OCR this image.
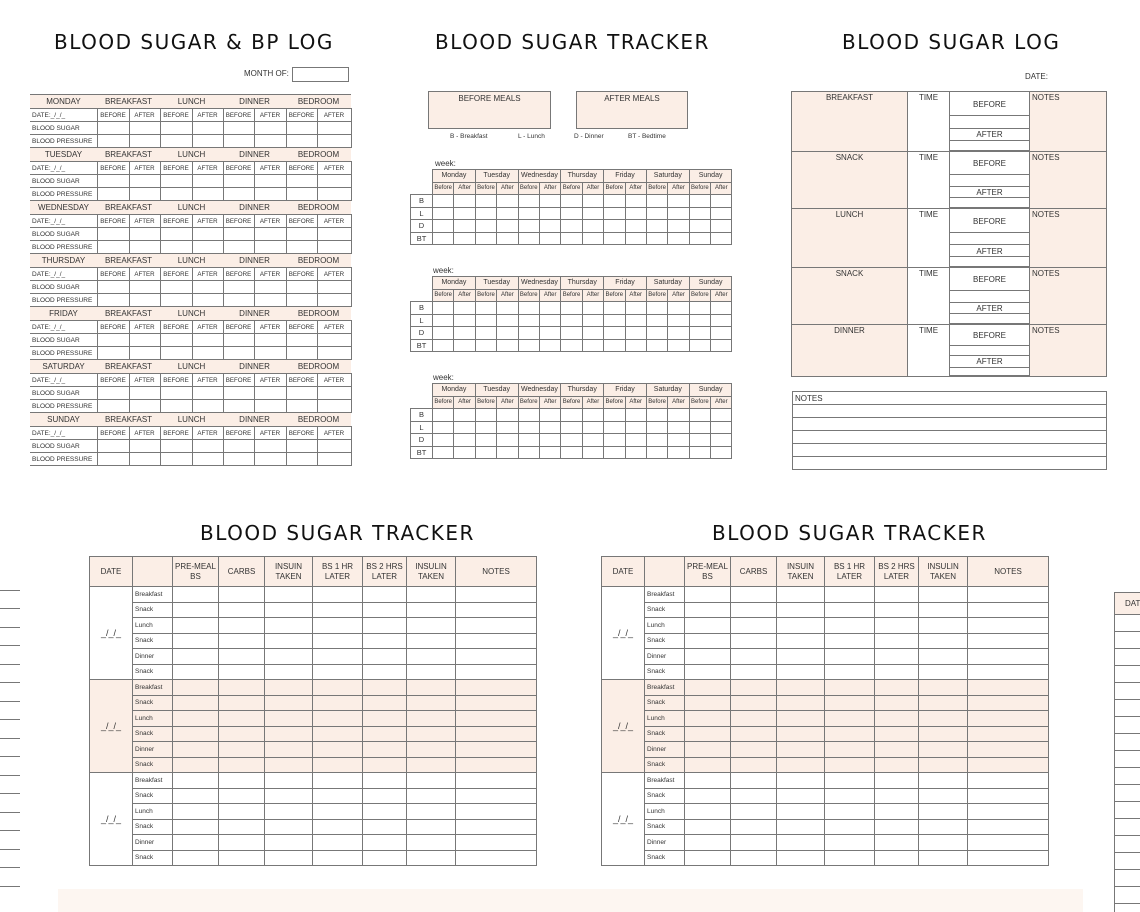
BLOOD SUGAR & BP LOG
MONTH OF:
MONDAY	BREAKFAST		LUNCH		DINNER		BEDROOM	
DATE:_/_/_	BEFORE	AFTER	BEFORE	AFTER	BEFORE	AFTER	BEFORE	AFTER
BLOOD SUGAR								
BLOOD PRESSURE								
TUESDAY	BREAKFAST		LUNCH		DINNER		BEDROOM	
DATE:_/_/_	BEFORE	AFTER	BEFORE	AFTER	BEFORE	AFTER	BEFORE	AFTER
BLOOD SUGAR								
BLOOD PRESSURE								
WEDNESDAY	BREAKFAST		LUNCH		DINNER		BEDROOM	
DATE:_/_/_	BEFORE	AFTER	BEFORE	AFTER	BEFORE	AFTER	BEFORE	AFTER
BLOOD SUGAR								
BLOOD PRESSURE								
THURSDAY	BREAKFAST		LUNCH		DINNER		BEDROOM	
DATE:_/_/_	BEFORE	AFTER	BEFORE	AFTER	BEFORE	AFTER	BEFORE	AFTER
BLOOD SUGAR								
BLOOD PRESSURE								
FRIDAY	BREAKFAST		LUNCH		DINNER		BEDROOM	
DATE:_/_/_	BEFORE	AFTER	BEFORE	AFTER	BEFORE	AFTER	BEFORE	AFTER
BLOOD SUGAR								
BLOOD PRESSURE								
SATURDAY	BREAKFAST		LUNCH		DINNER		BEDROOM	
DATE:_/_/_	BEFORE	AFTER	BEFORE	AFTER	BEFORE	AFTER	BEFORE	AFTER
BLOOD SUGAR								
BLOOD PRESSURE								
SUNDAY	BREAKFAST		LUNCH		DINNER		BEDROOM	
DATE:_/_/_	BEFORE	AFTER	BEFORE	AFTER	BEFORE	AFTER	BEFORE	AFTER
BLOOD SUGAR								
BLOOD PRESSURE								
BLOOD SUGAR TRACKER
BEFORE MEALS	AFTER MEALS
B - Breakfast	L - Lunch	D - Dinner	BT - Bedtime
week:
	Monday		Tuesday		Wednesday		Thursday		Friday		Saturday		Sunday	
	Before	After	Before	After	Before	After	Before	After	Before	After	Before	After	Before	After
B														
L														
D														
BT														
week:
	Monday		Tuesday		Wednesday		Thursday		Friday		Saturday		Sunday	
	Before	After	Before	After	Before	After	Before	After	Before	After	Before	After	Before	After
B														
L														
D														
BT														
week:
	Monday		Tuesday		Wednesday		Thursday		Friday		Saturday		Sunday	
	Before	After	Before	After	Before	After	Before	After	Before	After	Before	After	Before	After
B														
L														
D														
BT														
BLOOD SUGAR LOG
DATE:
BREAKFAST	TIME	BEFORE	NOTES

		AFTER	

SNACK	TIME	BEFORE	NOTES

		AFTER	

LUNCH	TIME	BEFORE	NOTES

		AFTER	

SNACK	TIME	BEFORE	NOTES

		AFTER	

DINNER	TIME	BEFORE	NOTES

		AFTER	

NOTES

BLOOD SUGAR TRACKER	BLOOD SUGAR TRACKER
DATE		PRE-MEAL BS	CARBS	INSUIN TAKEN	BS 1 HR LATER	BS 2 HRS LATER	INSULIN TAKEN	NOTES
_/_/_	Breakfast							
	Snack							
	Lunch							
	Snack							
	Dinner							
	Snack							
_/_/_	Breakfast							
	Snack							
	Lunch							
	Snack							
	Dinner							
	Snack							
_/_/_	Breakfast							
	Snack							
	Lunch							
	Snack							
	Dinner							
	Snack							
DATE		PRE-MEAL BS	CARBS	INSUIN TAKEN	BS 1 HR LATER	BS 2 HRS LATER	INSULIN TAKEN	NOTES
_/_/_	Breakfast							
	Snack							
	Lunch							
	Snack							
	Dinner							
	Snack							
_/_/_	Breakfast							
	Snack							
	Lunch							
	Snack							
	Dinner							
	Snack							
_/_/_	Breakfast							
	Snack							
	Lunch							
	Snack							
	Dinner							
	Snack							
DAT
